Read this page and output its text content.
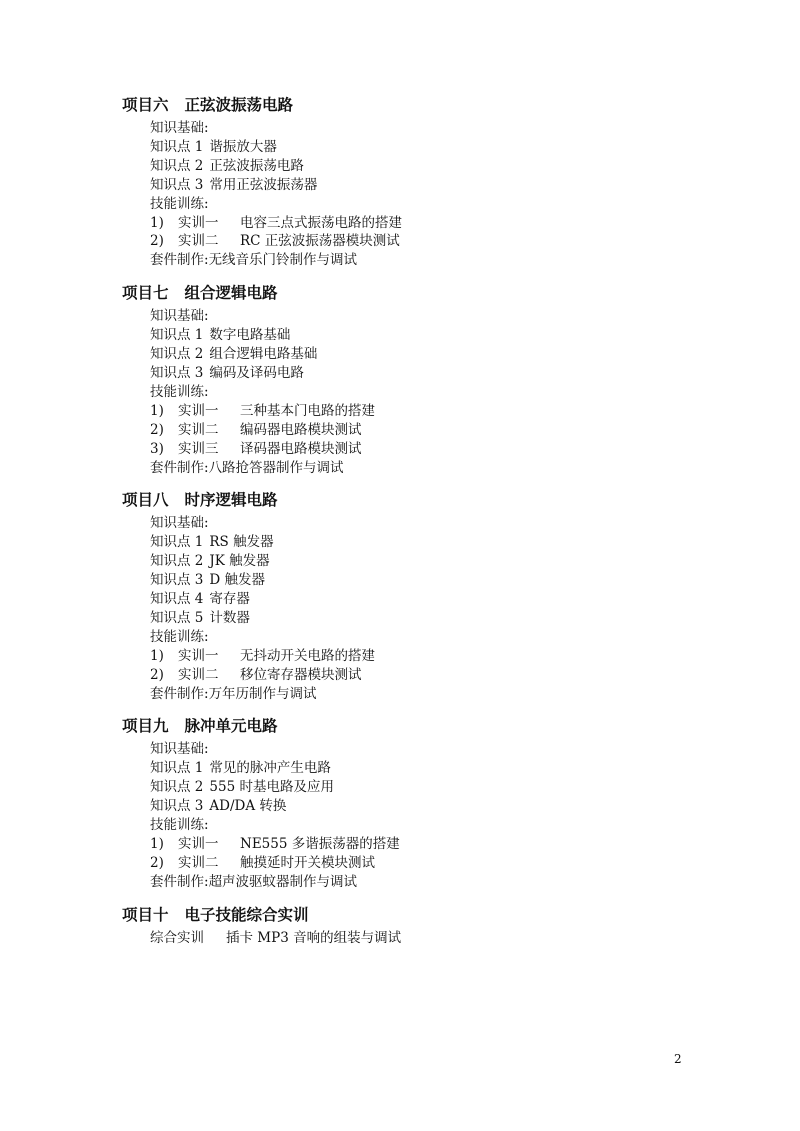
项目六 正弦波振荡电路
知识基础:
知识点 1 谐振放大器
知识点 2 正弦波振荡电路
知识点 3 常用正弦波振荡器
技能训练:
1) 实训一 电容三点式振荡电路的搭建
2) 实训二 RC 正弦波振荡器模块测试
套件制作:无线音乐门铃制作与调试
项目七 组合逻辑电路
知识基础:
知识点 1 数字电路基础
知识点 2 组合逻辑电路基础
知识点 3 编码及译码电路
技能训练:
1) 实训一 三种基本门电路的搭建
2) 实训二 编码器电路模块测试
3) 实训三 译码器电路模块测试
套件制作:八路抢答器制作与调试
项目八 时序逻辑电路
知识基础:
知识点 1 RS 触发器
知识点 2 JK 触发器
知识点 3 D 触发器
知识点 4 寄存器
知识点 5 计数器
技能训练:
1) 实训一 无抖动开关电路的搭建
2) 实训二 移位寄存器模块测试
套件制作:万年历制作与调试
项目九 脉冲单元电路
知识基础:
知识点 1 常见的脉冲产生电路
知识点 2 555 时基电路及应用
知识点 3 AD/DA 转换
技能训练:
1) 实训一 NE555 多谐振荡器的搭建
2) 实训二 触摸延时开关模块测试
套件制作:超声波驱蚊器制作与调试
项目十 电子技能综合实训
综合实训 插卡 MP3 音响的组装与调试
2
